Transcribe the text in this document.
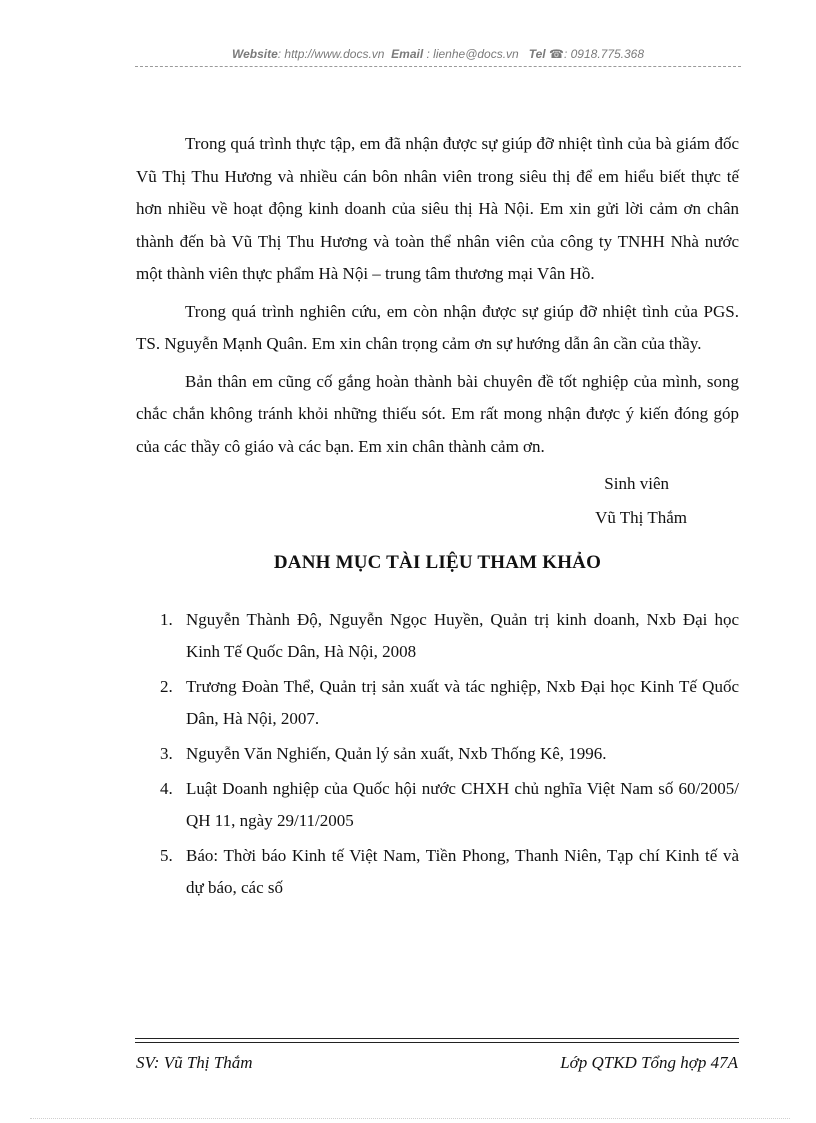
Website: http://www.docs.vn Email : lienhe@docs.vn Tel ☎: 0918.775.368

Trong quá trình thực tập, em đã nhận được sự giúp đỡ nhiệt tình của bà giám đốc Vũ Thị Thu Hương và nhiều cán bôn nhân viên trong siêu thị để em hiểu biết thực tế hơn nhiều về hoạt động kinh doanh của siêu thị Hà Nội. Em xin gửi lời cảm ơn chân thành đến bà Vũ Thị Thu Hương và toàn thể nhân viên của công ty TNHH Nhà nước một thành viên thực phẩm Hà Nội – trung tâm thương mại Vân Hồ.

Trong quá trình nghiên cứu, em còn nhận được sự giúp đỡ nhiệt tình của PGS. TS. Nguyễn Mạnh Quân. Em xin chân trọng cảm ơn sự hướng dẫn ân cần của thầy.

Bản thân em cũng cố gắng hoàn thành bài chuyên đề tốt nghiệp của mình, song chắc chắn không tránh khỏi những thiếu sót. Em rất mong nhận được ý kiến đóng góp của các thầy cô giáo và các bạn. Em xin chân thành cảm ơn.

Sinh viên
Vũ Thị Thắm
DANH MỤC TÀI LIỆU THAM KHẢO
1. Nguyễn Thành Độ, Nguyễn Ngọc Huyền, Quản trị kinh doanh, Nxb Đại học Kinh Tế Quốc Dân, Hà Nội, 2008
2. Trương Đoàn Thể, Quản trị sản xuất và tác nghiệp, Nxb Đại học Kinh Tế Quốc Dân, Hà Nội, 2007.
3. Nguyễn Văn Nghiến, Quản lý sản xuất, Nxb Thống Kê, 1996.
4. Luật Doanh nghiệp của Quốc hội nước CHXH chủ nghĩa Việt Nam số 60/2005/ QH 11, ngày 29/11/2005
5. Báo: Thời báo Kinh tế Việt Nam, Tiền Phong, Thanh Niên, Tạp chí Kinh tế và dự báo, các số
SV: Vũ Thị Thắm	Lớp QTKD Tổng hợp 47A
